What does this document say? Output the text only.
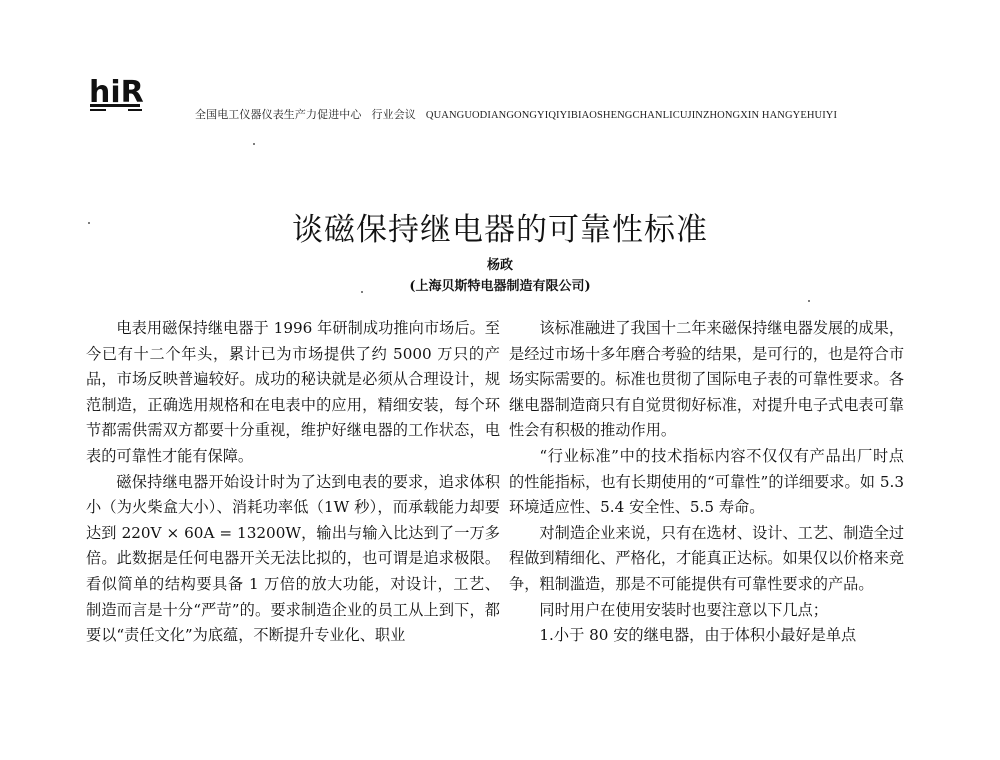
hiR
全国电工仪器仪表生产力促进中心 行业会议 QUANGUODIANGONGYIQIYIBIAOSHENGCHANLICUJINZHONGXIN HANGYEHUIYI
谈磁保持继电器的可靠性标准
杨政
(上海贝斯特电器制造有限公司)

电表用磁保持继电器于 1996 年研制成功推向市场后。至今已有十二个年头，累计已为市场提供了约 5000 万只的产品，市场反映普遍较好。成功的秘诀就是必须从合理设计，规范制造，正确选用规格和在电表中的应用，精细安装，每个环节都需供需双方都要十分重视，维护好继电器的工作状态，电表的可靠性才能有保障。

磁保持继电器开始设计时为了达到电表的要求，追求体积小（为火柴盒大小）、消耗功率低（1W 秒），而承载能力却要达到 220V × 60A = 13200W，输出与输入比达到了一万多倍。此数据是任何电器开关无法比拟的，也可谓是追求极限。看似简单的结构要具备 1 万倍的放大功能，对设计，工艺、制造而言是十分“严苛”的。要求制造企业的员工从上到下，都要以“责任文化”为底蕴，不断提升专业化、职业

该标准融进了我国十二年来磁保持继电器发展的成果，是经过市场十多年磨合考验的结果，是可行的，也是符合市场实际需要的。标准也贯彻了国际电子表的可靠性要求。各继电器制造商只有自觉贯彻好标准，对提升电子式电表可靠性会有积极的推动作用。

“行业标准”中的技术指标内容不仅仅有产品出厂时点的性能指标，也有长期使用的“可靠性”的详细要求。如 5.3 环境适应性、5.4 安全性、5.5 寿命。

对制造企业来说，只有在选材、设计、工艺、制造全过程做到精细化、严格化，才能真正达标。如果仅以价格来竞争，粗制滥造，那是不可能提供有可靠性要求的产品。

同时用户在使用安装时也要注意以下几点；

1.小于 80 安的继电器，由于体积小最好是单点
